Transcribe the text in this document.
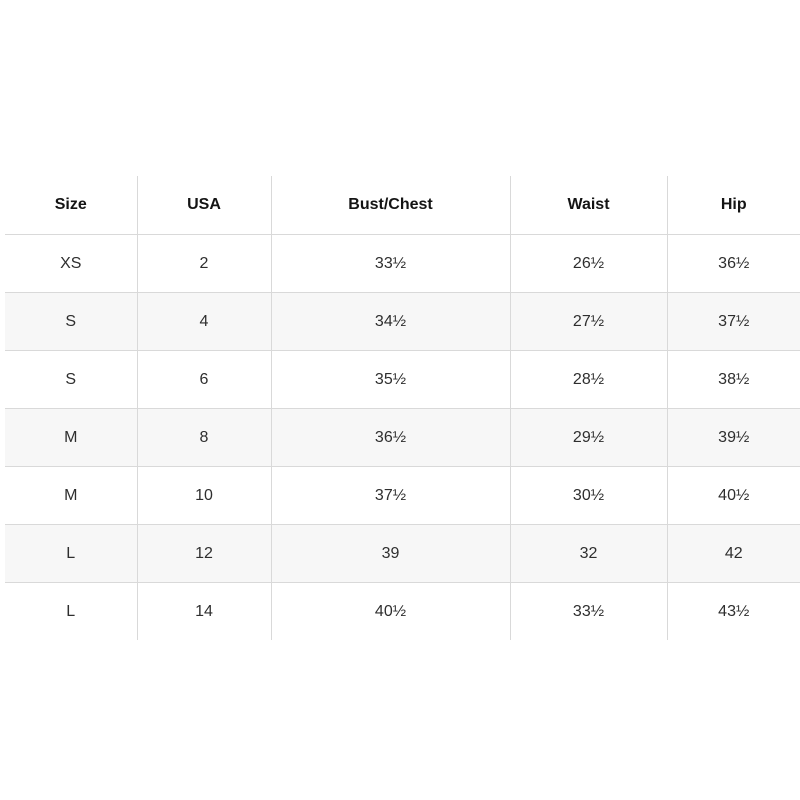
Size	USA	Bust/Chest	Waist	Hip
XS	2	33½	26½	36½
S	4	34½	27½	37½
S	6	35½	28½	38½
M	8	36½	29½	39½
M	10	37½	30½	40½
L	12	39	32	42
L	14	40½	33½	43½
